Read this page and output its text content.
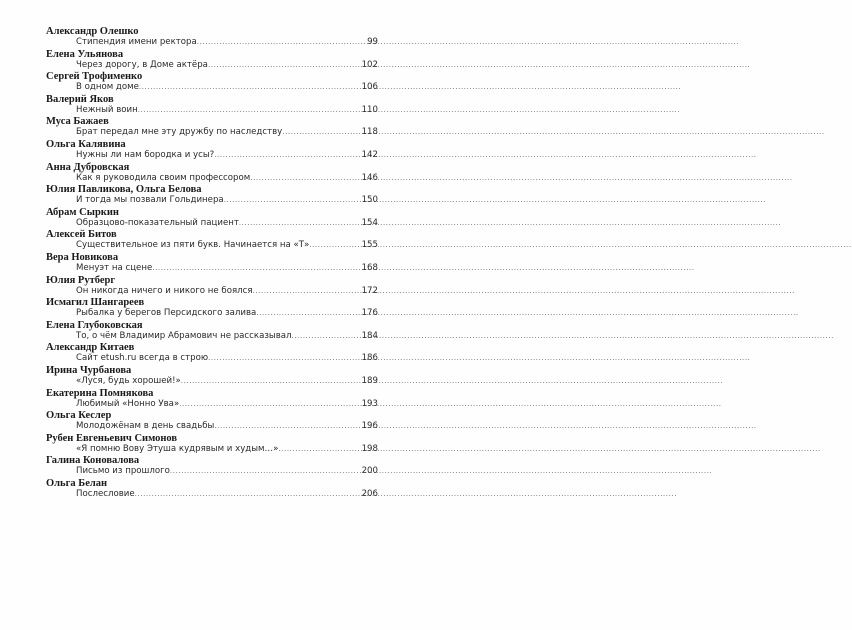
Александр Олешко
Стипендия имени ректора .....	99
Елена Ульянова
Через дорогу, в Доме актёра .....	102
Сергей Трофименко
В одном доме .....	106
Валерий Яков
Нежный воин .....	110
Муса Бажаев
Брат передал мне эту дружбу по наследству .....	118
Ольга Калявина
Нужны ли нам бородка и усы? .....	142
Анна Дубровская
Как я руководила своим профессором .....	146
Юлия Павликова, Ольга Белова
И тогда мы позвали Гольдинера .....	150
Абрам Сыркин
Образцово-показательный пациент .....	154
Алексей Битов
Существительное из пяти букв. Начинается на «Т» .....	155
Вера Новикова
Менуэт на сцене .....	168
Юлия Рутберг
Он никогда ничего и никого не боялся .....	172
Исмагил Шангареев
Рыбалка у берегов Персидского залива .....	176
Елена Глубоковская
То, о чём Владимир Абрамович не рассказывал .....	184
Александр Китаев
Сайт etush.ru всегда в строю .....	186
Ирина Чурбанова
«Луся, будь хорошей!» .....	189
Екатерина Помнякова
Любимый «Нонно Ува» .....	193
Ольга Кеслер
Молодожёнам в день свадьбы .....	196
Рубен Евгеньевич Симонов
«Я помню Вову Этуша кудрявым и худым…» .....	198
Галина Коновалова
Письмо из прошлого .....	200
Ольга Белан
Послесловие .....	206
